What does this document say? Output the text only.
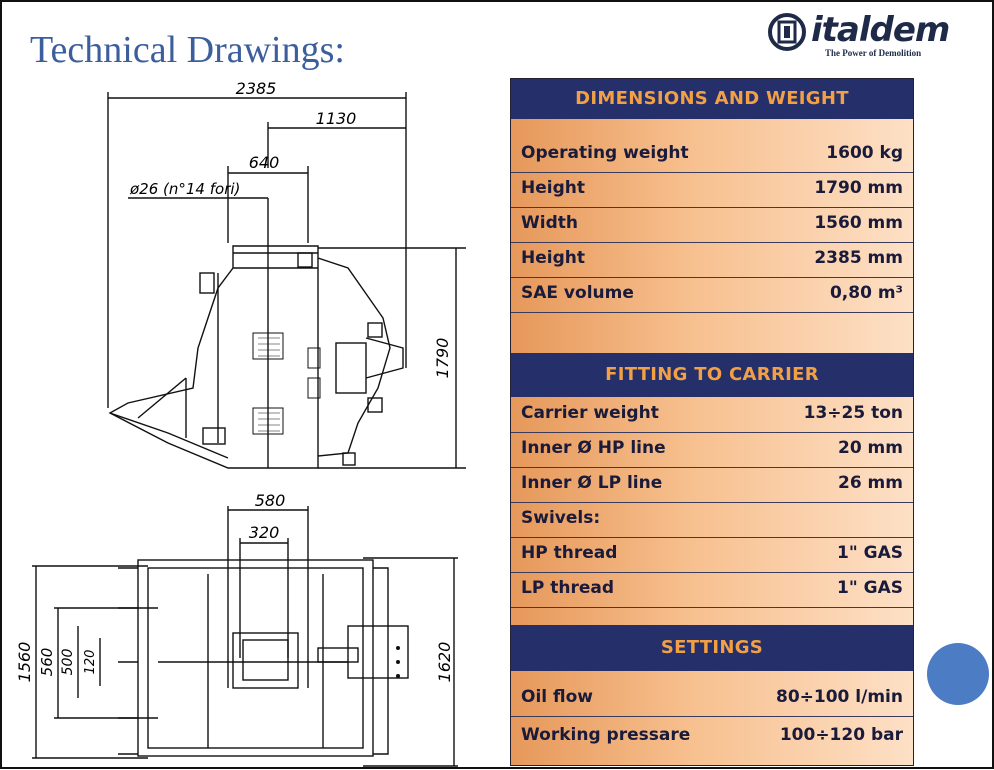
Technical Drawings:	italdem
The Power of Demolition
2385
1130
640
ø26 (n°14 fori)
1790
580
320
1560 560 500 120	1620
DIMENSIONS AND WEIGHT
Operating weight	1600 kg
Height	1790 mm
Width	1560 mm
Height	2385 mm
SAE volume	0,80 m³
FITTING TO CARRIER
Carrier weight	13÷25 ton
Inner Ø HP line	20 mm
Inner Ø LP line	26 mm
Swivels:
HP thread	1" GAS
LP thread	1" GAS
SETTINGS
Oil flow	80÷100 l/min
Working pressare	100÷120 bar
